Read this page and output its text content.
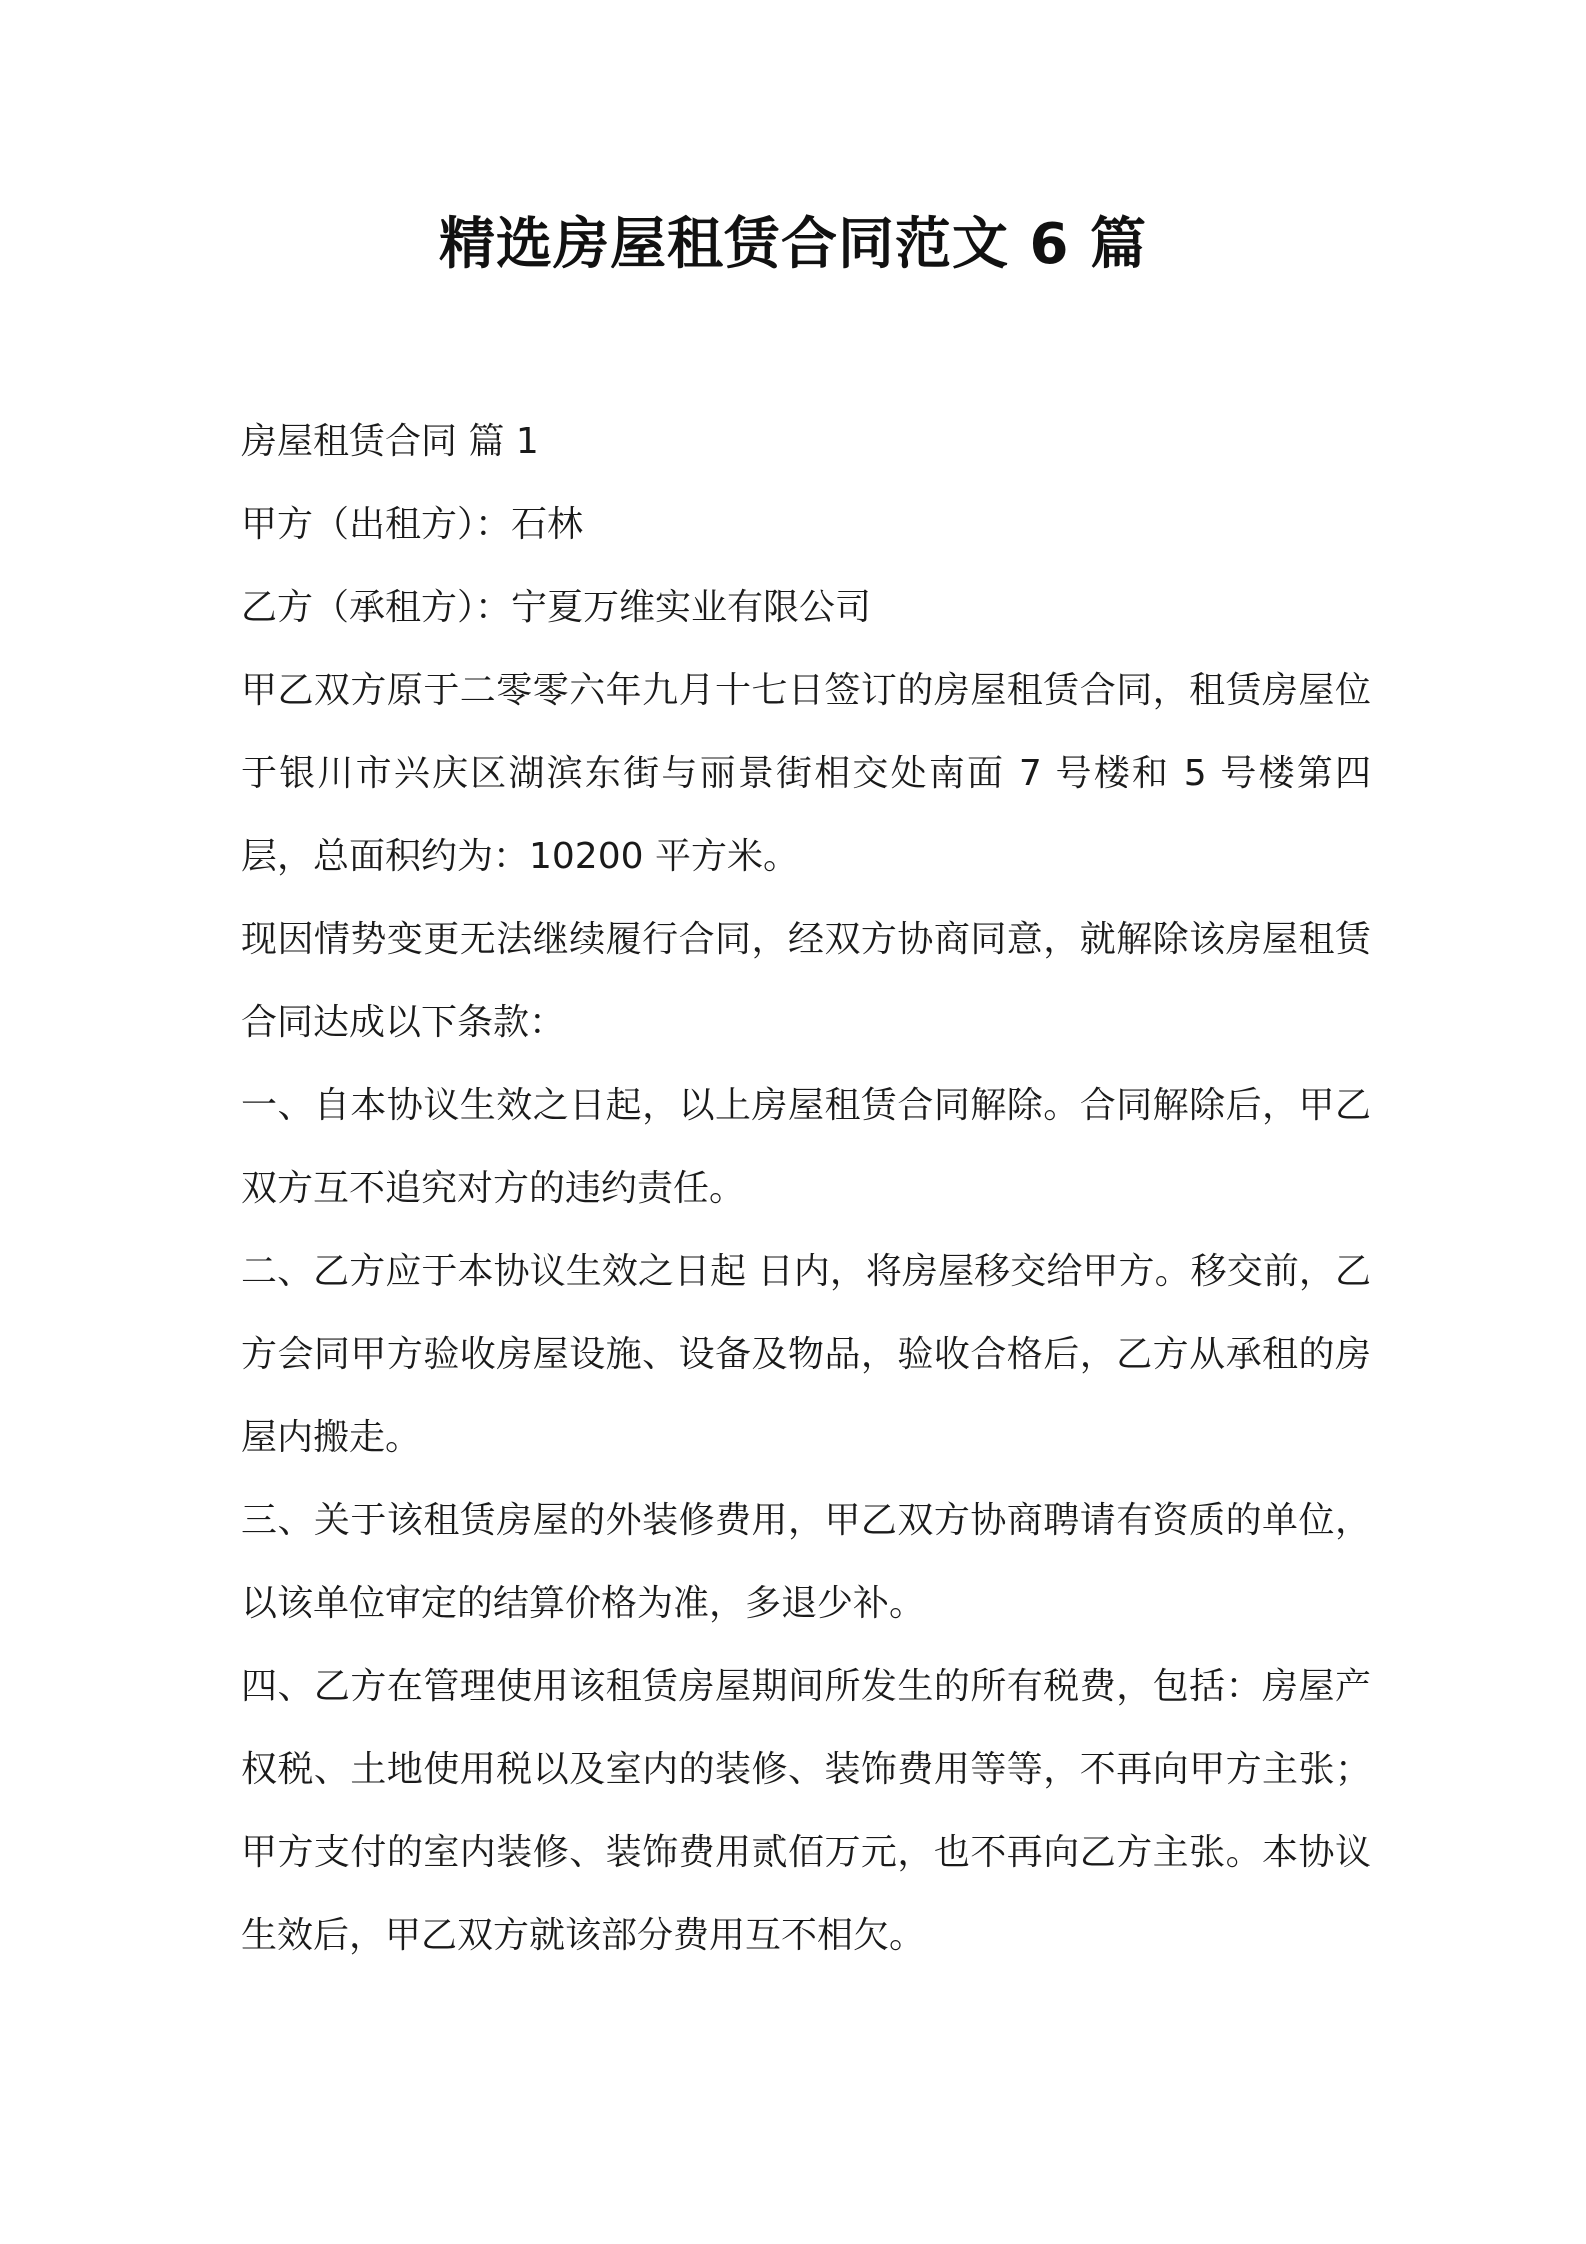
精选房屋租赁合同范文 6 篇

房屋租赁合同 篇 1

甲方（出租方）：石林

乙方（承租方）：宁夏万维实业有限公司

甲乙双方原于二零零六年九月十七日签订的房屋租赁合同，租赁房屋位于银川市兴庆区湖滨东街与丽景街相交处南面 7 号楼和 5 号楼第四层，总面积约为：10200 平方米。

现因情势变更无法继续履行合同，经双方协商同意，就解除该房屋租赁合同达成以下条款：

一、自本协议生效之日起，以上房屋租赁合同解除。合同解除后，甲乙双方互不追究对方的违约责任。

二、乙方应于本协议生效之日起 日内，将房屋移交给甲方。移交前，乙方会同甲方验收房屋设施、设备及物品，验收合格后，乙方从承租的房屋内搬走。

三、关于该租赁房屋的外装修费用，甲乙双方协商聘请有资质的单位，以该单位审定的结算价格为准，多退少补。

四、乙方在管理使用该租赁房屋期间所发生的所有税费，包括：房屋产权税、土地使用税以及室内的装修、装饰费用等等，不再向甲方主张；甲方支付的室内装修、装饰费用贰佰万元，也不再向乙方主张。本协议生效后，甲乙双方就该部分费用互不相欠。
